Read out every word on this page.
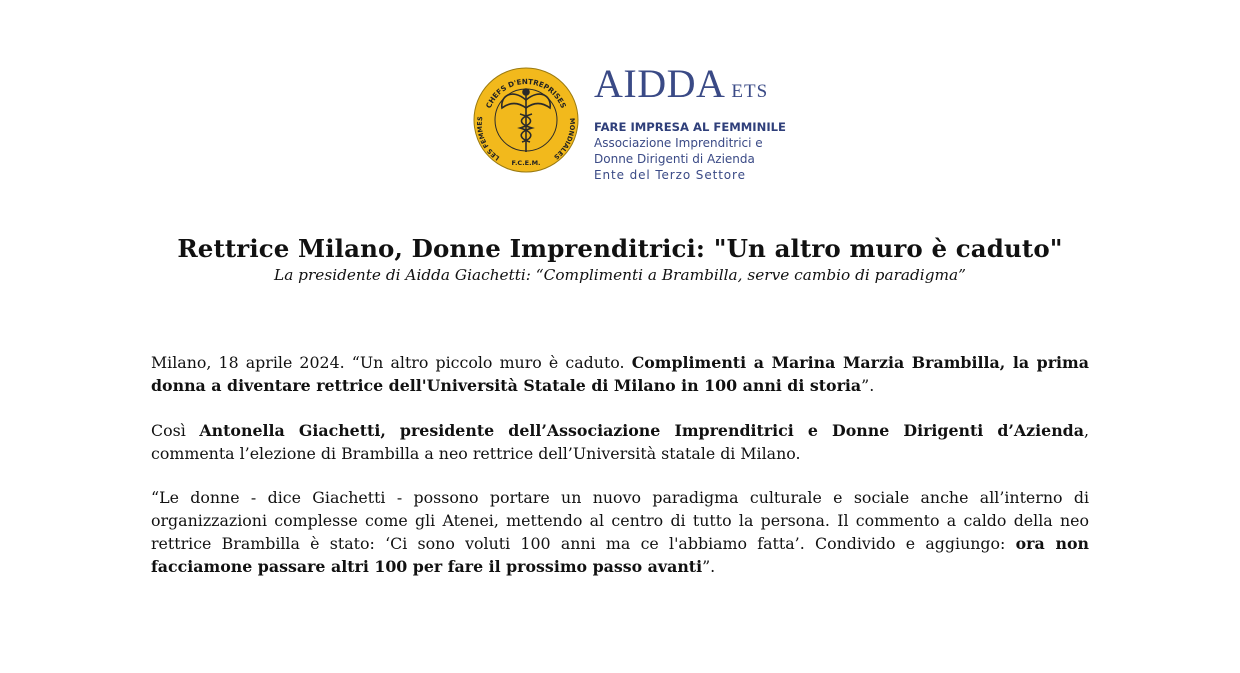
CHEFS D'ENTREPRISES
LES FEMMES	MONDIALES
F.C.E.M.
AIDDA ETS
FARE IMPRESA AL FEMMINILE
Associazione Imprenditrici e
Donne Dirigenti di Azienda
Ente del Terzo Settore
Rettrice Milano, Donne Imprenditrici: "Un altro muro è caduto"
La presidente di Aidda Giachetti: “Complimenti a Brambilla, serve cambio di paradigma”

Milano, 18 aprile 2024. “Un altro piccolo muro è caduto. Complimenti a Marina Marzia Brambilla, la prima donna a diventare rettrice dell'Università Statale di Milano in 100 anni di storia”.

Così Antonella Giachetti, presidente dell’Associazione Imprenditrici e Donne Dirigenti d’Azienda, commenta l’elezione di Brambilla a neo rettrice dell’Università statale di Milano.

“Le donne - dice Giachetti - possono portare un nuovo paradigma culturale e sociale anche all’interno di organizzazioni complesse come gli Atenei, mettendo al centro di tutto la persona. Il commento a caldo della neo rettrice Brambilla è stato: ‘Ci sono voluti 100 anni ma ce l'abbiamo fatta’. Condivido e aggiungo: ora non facciamone passare altri 100 per fare il prossimo passo avanti”.
